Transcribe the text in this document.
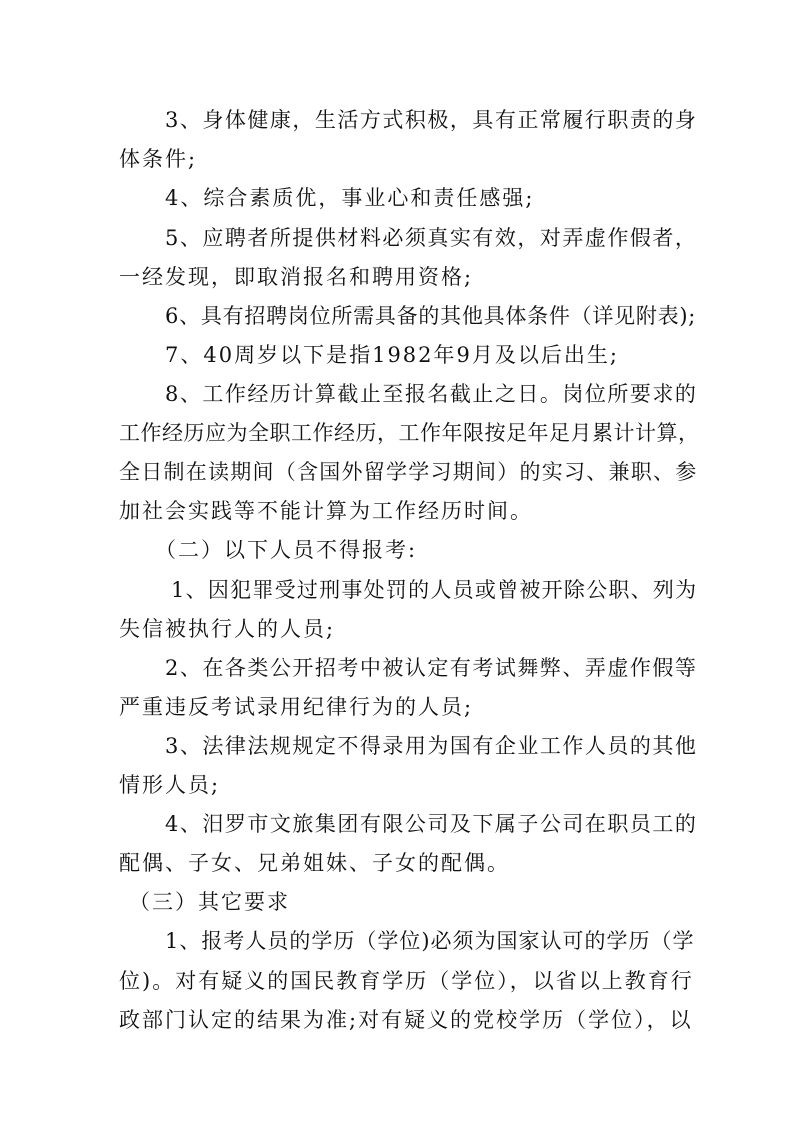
3、身体健康，生活方式积极，具有正常履行职责的身
体条件;
4、综合素质优，事业心和责任感强;
5、应聘者所提供材料必须真实有效，对弄虚作假者，
一经发现，即取消报名和聘用资格;
6、具有招聘岗位所需具备的其他具体条件（详见附表);
7、40周岁以下是指1982年9月及以后出生;
8、工作经历计算截止至报名截止之日。岗位所要求的
工作经历应为全职工作经历，工作年限按足年足月累计计算，
全日制在读期间（含国外留学学习期间）的实习、兼职、参
加社会实践等不能计算为工作经历时间。
（二）以下人员不得报考:
1、因犯罪受过刑事处罚的人员或曾被开除公职、列为
失信被执行人的人员;
2、在各类公开招考中被认定有考试舞弊、弄虚作假等
严重违反考试录用纪律行为的人员;
3、法律法规规定不得录用为国有企业工作人员的其他
情形人员;
4、汨罗市文旅集团有限公司及下属子公司在职员工的
配偶、子女、兄弟姐妹、子女的配偶。
（三）其它要求
1、报考人员的学历（学位)必须为国家认可的学历（学
位)。对有疑义的国民教育学历（学位），以省以上教育行
政部门认定的结果为准;对有疑义的党校学历（学位），以
